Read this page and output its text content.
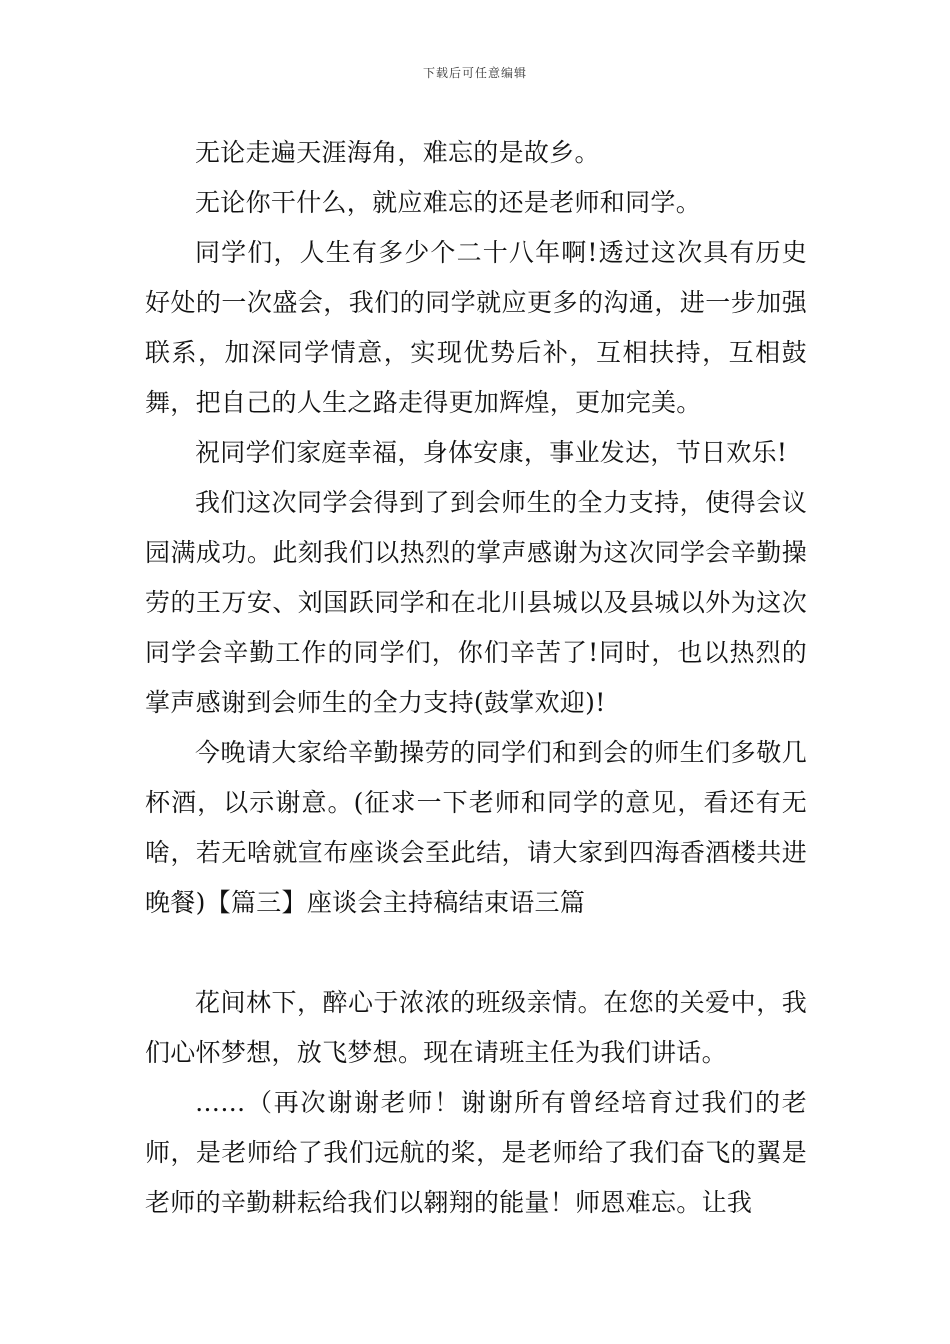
下载后可任意编辑

无论走遍天涯海角，难忘的是故乡。

无论你干什么，就应难忘的还是老师和同学。

同学们，人生有多少个二十八年啊!透过这次具有历史好处的一次盛会，我们的同学就应更多的沟通，进一步加强联系，加深同学情意，实现优势后补，互相扶持，互相鼓舞，把自己的人生之路走得更加辉煌，更加完美。

祝同学们家庭幸福，身体安康，事业发达，节日欢乐!

我们这次同学会得到了到会师生的全力支持，使得会议园满成功。此刻我们以热烈的掌声感谢为这次同学会辛勤操劳的王万安、刘国跃同学和在北川县城以及县城以外为这次同学会辛勤工作的同学们，你们辛苦了!同时，也以热烈的掌声感谢到会师生的全力支持(鼓掌欢迎)!

今晚请大家给辛勤操劳的同学们和到会的师生们多敬几杯酒，以示谢意。(征求一下老师和同学的意见，看还有无啥，若无啥就宣布座谈会至此结，请大家到四海香酒楼共进晚餐)【篇三】座谈会主持稿结束语三篇

花间林下，醉心于浓浓的班级亲情。在您的关爱中，我们心怀梦想，放飞梦想。现在请班主任为我们讲话。

……（再次谢谢老师！谢谢所有曾经培育过我们的老师，是老师给了我们远航的桨，是老师给了我们奋飞的翼是老师的辛勤耕耘给我们以翱翔的能量！师恩难忘。让我
